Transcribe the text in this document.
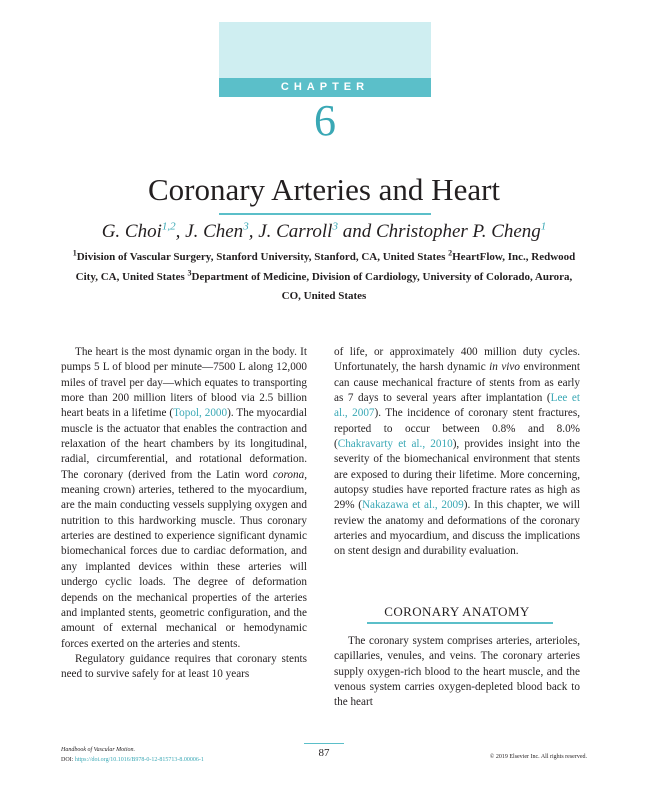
CHAPTER
6
Coronary Arteries and Heart
G. Choi$^{1,2}$, J. Chen$^3$, J. Carroll$^3$ and Christopher P. Cheng$^1$
$^1$Division of Vascular Surgery, Stanford University, Stanford, CA, United States $^2$HeartFlow, Inc., Redwood City, CA, United States $^3$Department of Medicine, Division of Cardiology, University of Colorado, Aurora, CO, United States

The heart is the most dynamic organ in the body. It pumps 5 L of blood per minute—7500 L along 12,000 miles of travel per day—which equates to transporting more than 200 million liters of blood via 2.5 billion heart beats in a lifetime (Topol, 2000). The myocardial muscle is the actuator that enables the contraction and relaxation of the heart chambers by its longitudinal, radial, circumferential, and rotational deformation. The coronary (derived from the Latin word corona, meaning crown) arteries, tethered to the myocardium, are the main conducting vessels supplying oxygen and nutrition to this hardworking muscle. Thus coronary arteries are destined to experience significant dynamic biomechanical forces due to cardiac deformation, and any implanted devices within these arteries will undergo cyclic loads. The degree of deformation depends on the mechanical properties of the arteries and implanted stents, geometric configuration, and the amount of external mechanical or hemodynamic forces exerted on the arteries and stents.

Regulatory guidance requires that coronary stents need to survive safely for at least 10 years

of life, or approximately 400 million duty cycles. Unfortunately, the harsh dynamic in vivo environment can cause mechanical fracture of stents from as early as 7 days to several years after implantation (Lee et al., 2007). The incidence of coronary stent fractures, reported to occur between 0.8% and 8.0% (Chakravarty et al., 2010), provides insight into the severity of the biomechanical environment that stents are exposed to during their lifetime. More concerning, autopsy studies have reported fracture rates as high as 29% (Nakazawa et al., 2009). In this chapter, we will review the anatomy and deformations of the coronary arteries and myocardium, and discuss the implications on stent design and durability evaluation.

CORONARY ANATOMY

The coronary system comprises arteries, arterioles, capillaries, venules, and veins. The coronary arteries supply oxygen-rich blood to the heart muscle, and the venous system carries oxygen-depleted blood back to the heart

Handbook of Vascular Motion.
DOI: https://doi.org/10.1016/B978-0-12-815713-8.00006-1
87	© 2019 Elsevier Inc. All rights reserved.
